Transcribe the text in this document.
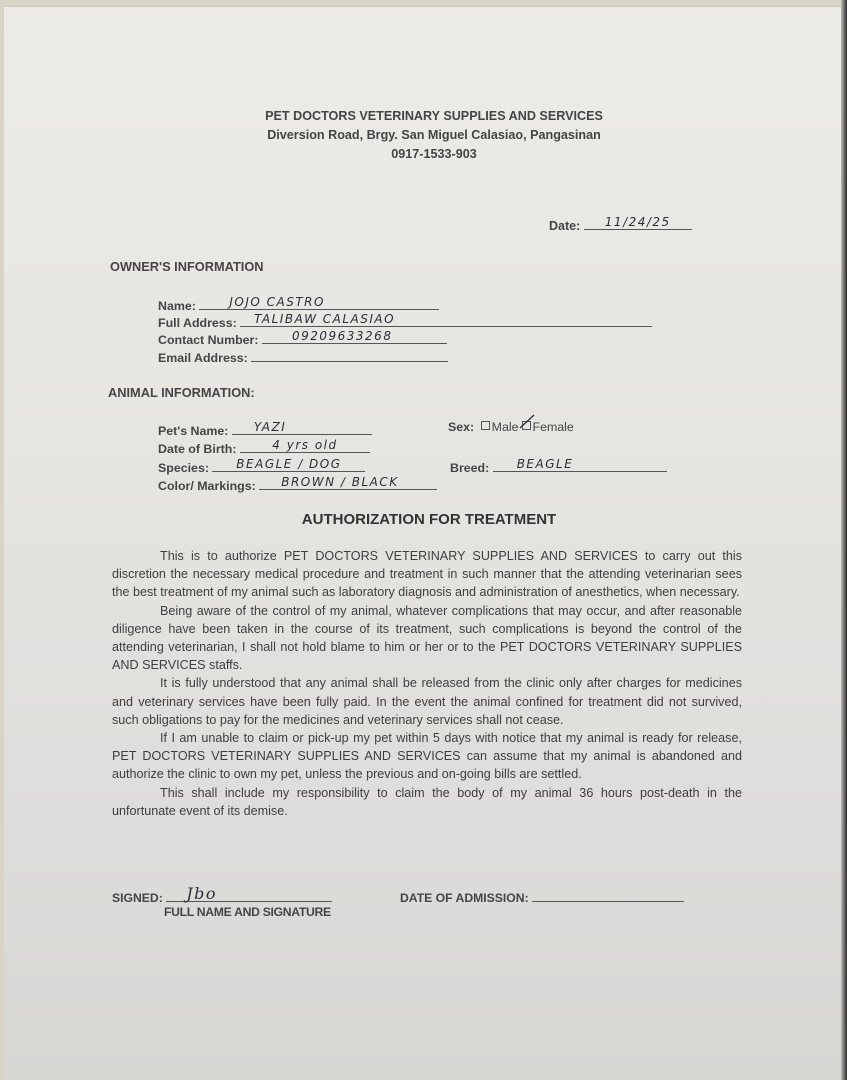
PET DOCTORS VETERINARY SUPPLIES AND SERVICES
Diversion Road, Brgy. San Miguel Calasiao, Pangasinan
0917-1533-903
Date:	11/24/25
OWNER'S INFORMATION
Name:	JOJO CASTRO
Full Address:	TALIBAW CALASIAO
Contact Number:	09209633268
Email Address:
ANIMAL INFORMATION:
Pet's Name:	YAZI
Date of Birth:	4 yrs old
Species:	BEAGLE / DOG
Color/ Markings:	BROWN / BLACK
Sex: Male Female
Breed:	BEAGLE
AUTHORIZATION FOR TREATMENT

This is to authorize PET DOCTORS VETERINARY SUPPLIES AND SERVICES to carry out this discretion the necessary medical procedure and treatment in such manner that the attending veterinarian sees the best treatment of my animal such as laboratory diagnosis and administration of anesthetics, when necessary.

Being aware of the control of my animal, whatever complications that may occur, and after reasonable diligence have been taken in the course of its treatment, such complications is beyond the control of the attending veterinarian, I shall not hold blame to him or her or to the PET DOCTORS VETERINARY SUPPLIES AND SERVICES staffs.

It is fully understood that any animal shall be released from the clinic only after charges for medicines and veterinary services have been fully paid. In the event the animal confined for treatment did not survived, such obligations to pay for the medicines and veterinary services shall not cease.

If I am unable to claim or pick-up my pet within 5 days with notice that my animal is ready for release, PET DOCTORS VETERINARY SUPPLIES AND SERVICES can assume that my animal is abandoned and authorize the clinic to own my pet, unless the previous and on-going bills are settled.

This shall include my responsibility to claim the body of my animal 36 hours post-death in the unfortunate event of its demise.

SIGNED: Jbo
FULL NAME AND SIGNATURE
DATE OF ADMISSION:
